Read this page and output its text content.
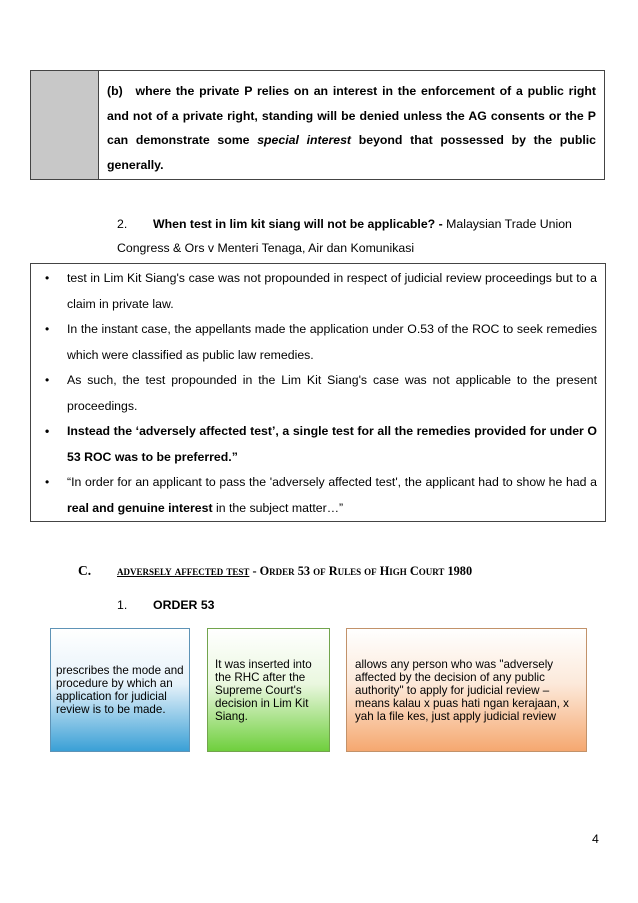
(b) where the private P relies on an interest in the enforcement of a public right and not of a private right, standing will be denied unless the AG consents or the P can demonstrate some special interest beyond that possessed by the public generally.
2. When test in lim kit siang will not be applicable? - Malaysian Trade Union Congress & Ors v Menteri Tenaga, Air dan Komunikasi
• test in Lim Kit Siang's case was not propounded in respect of judicial review proceedings but to a claim in private law.
• In the instant case, the appellants made the application under O.53 of the ROC to seek remedies which were classified as public law remedies.
• As such, the test propounded in the Lim Kit Siang's case was not applicable to the present proceedings.
• Instead the ‘adversely affected test’, a single test for all the remedies provided for under O 53 ROC was to be preferred.”
• “In order for an applicant to pass the 'adversely affected test', the applicant had to show he had a real and genuine interest in the subject matter…”
C. adversely affected test - Order 53 of Rules of High Court 1980
1. ORDER 53
prescribes the mode and procedure by which an application for judicial review is to be made.
It was inserted into the RHC after the Supreme Court's decision in Lim Kit Siang.
allows any person who was "adversely affected by the decision of any public authority" to apply for judicial review – means kalau x puas hati ngan kerajaan, x yah la file kes, just apply judicial review
4
